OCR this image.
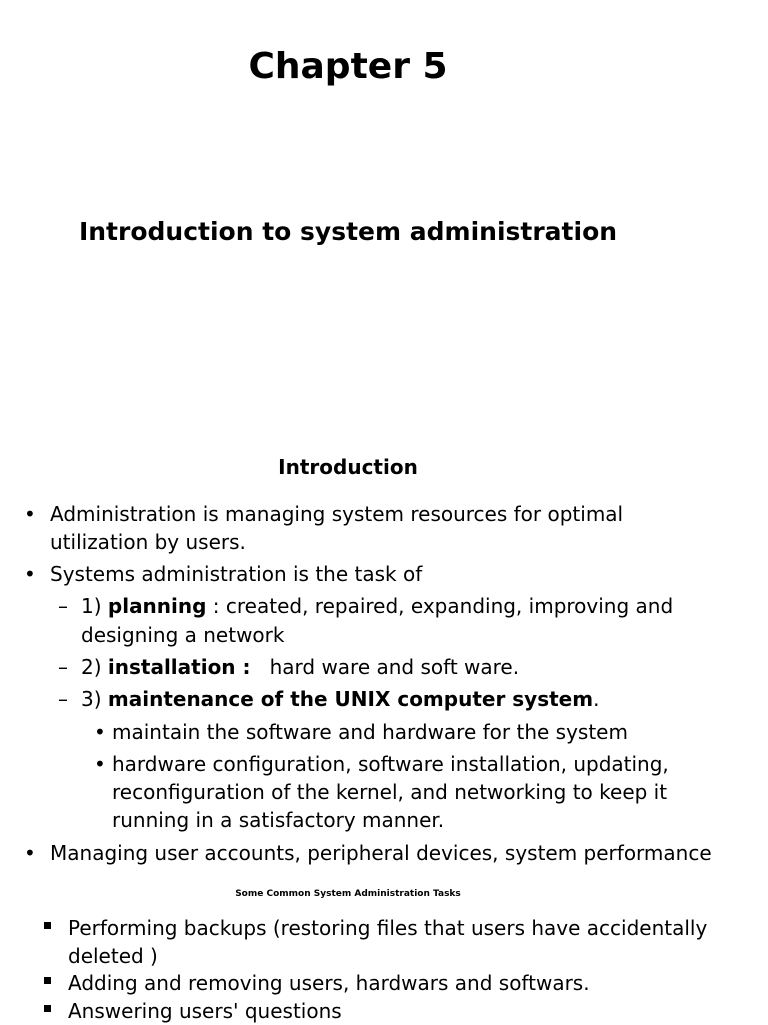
Chapter 5
Introduction to system administration
Introduction
• Administration is managing system resources for optimal
utilization by users.
• Systems administration is the task of
– 1) planning : created, repaired, expanding, improving and
designing a network
– 2) installation :   hard ware and soft ware.
– 3) maintenance of the UNIX computer system.
• maintain the software and hardware for the system
• hardware configuration, software installation, updating,
reconfiguration of the kernel, and networking to keep it
running in a satisfactory manner.
• Managing user accounts, peripheral devices, system performance
Some Common System Administration Tasks
Performing backups (restoring files that users have accidentally
deleted )
Adding and removing users, hardwars and softwars.
Answering users' questions
